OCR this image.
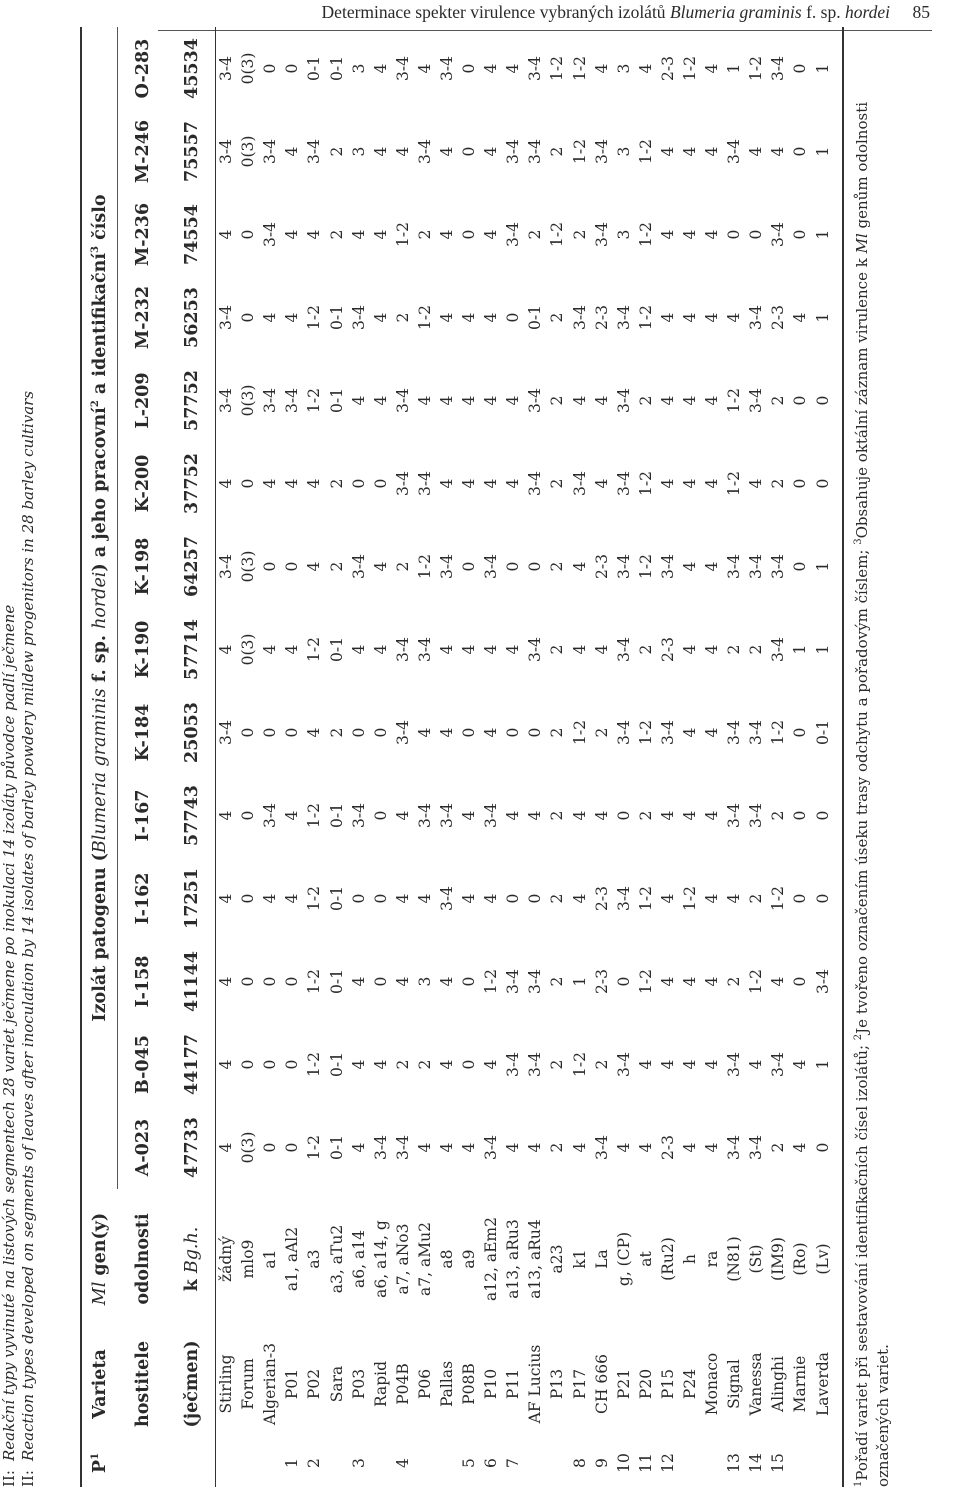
Determinace spekter virulence vybraných izolátů Blumeria graminis f. sp. hordei 85
II:Reakční typy vyvinuté na listových segmentech 28 variet ječmene po inokulaci 14 izoláty původce padlí ječmene
II:Reaction types developed on segments of leaves after inoculation by 14 isolates of barley powdery mildew progenitors in 28 barley cultivars
$P^1$	Varieta	Ml gen(y)	Izolát patogenu (Blumeria graminis f. sp. hordei) a jeho pracovní$^2$ a identifikační$^3$ číslo													
	hostitele	odolnosti	A-023	B-045	I-158	I-162	I-167	K-184	K-190	K-198	K-200	L-209	M-232	M-236	M-246	O-283
	(ječmen)	k Bg.h.	47733	44177	41144	17251	57743	25053	57714	64257	37752	57752	56253	74554	75557	45534
	Stirling	žádný	4	4	4	4	4	3-4	4	3-4	4	3-4	3-4	4	3-4	3-4
	Forum	mlo9	0(3)	0	0	0	0	0	0(3)	0(3)	0	0(3)	0	0	0(3)	0(3)
	Algerian-3	a1	0	0	0	4	3-4	0	4	0	4	3-4	4	3-4	3-4	0
1	P01	a1, aAl2	0	0	0	4	4	0	4	0	4	3-4	4	4	4	0
2	P02	a3	1-2	1-2	1-2	1-2	1-2	4	1-2	4	4	1-2	1-2	4	3-4	0-1
	Sara	a3, aTu2	0-1	0-1	0-1	0-1	0-1	2	0-1	2	2	0-1	0-1	2	2	0-1
3	P03	a6, a14	4	4	4	0	3-4	0	4	3-4	0	4	3-4	4	3	3
	Rapid	a6, a14, g	3-4	4	0	0	0	0	4	4	0	4	4	4	4	4
4	P04B	a7, aNo3	3-4	2	4	4	4	3-4	3-4	2	3-4	3-4	2	1-2	4	3-4
	P06	a7, aMu2	4	2	3	4	3-4	4	3-4	1-2	3-4	4	1-2	2	3-4	4
	Pallas	a8	4	4	4	3-4	3-4	4	4	3-4	4	4	4	4	4	3-4
5	P08B	a9	4	0	0	4	4	0	4	0	4	4	4	0	0	0
6	P10	a12, aEm2	3-4	4	1-2	4	3-4	4	4	3-4	4	4	4	4	4	4
7	P11	a13, aRu3	4	3-4	3-4	0	4	0	4	0	4	4	0	3-4	3-4	4
	AF Lucius	a13, aRu4	4	3-4	3-4	0	4	0	3-4	0	3-4	3-4	0-1	2	3-4	3-4
	P13	a23	2	2	2	2	2	2	2	2	2	2	2	1-2	2	1-2
8	P17	k1	4	1-2	1	4	4	1-2	4	4	3-4	4	3-4	2	1-2	1-2
9	CH 666	La	3-4	2	2-3	2-3	4	2	4	2-3	4	4	2-3	3-4	3-4	4
10	P21	g, (CP)	4	3-4	0	3-4	0	3-4	3-4	3-4	3-4	3-4	3-4	3	3	3
11	P20	at	4	4	1-2	1-2	2	1-2	2	1-2	1-2	2	1-2	1-2	1-2	4
12	P15	(Ru2)	2-3	4	4	4	4	3-4	2-3	3-4	4	4	4	4	4	2-3
	P24	h	4	4	4	1-2	4	4	4	4	4	4	4	4	4	1-2
	Monaco	ra	4	4	4	4	4	4	4	4	4	4	4	4	4	4
13	Signal	(N81)	3-4	3-4	2	4	3-4	3-4	2	3-4	1-2	1-2	4	0	3-4	1
14	Vanessa	(St)	3-4	4	1-2	2	3-4	3-4	2	3-4	4	3-4	3-4	0	4	1-2
15	Alinghi	(IM9)	2	3-4	4	1-2	2	1-2	3-4	3-4	2	2	2-3	3-4	4	3-4
	Marnie	(Ro)	4	4	0	0	0	0	1	0	0	0	4	0	0	0
	Laverda	(Lv)	0	1	3-4	0	0	0-1	1	1	0	0	1	1	1	1
$^1$Pořadí variet při sestavování identifikačních čísel izolátů; $^2$Je tvořeno označením úseku trasy odchytu a pořadovým číslem; $^3$Obsahuje oktální záznam virulence k Ml genům odolnosti označených variet.
